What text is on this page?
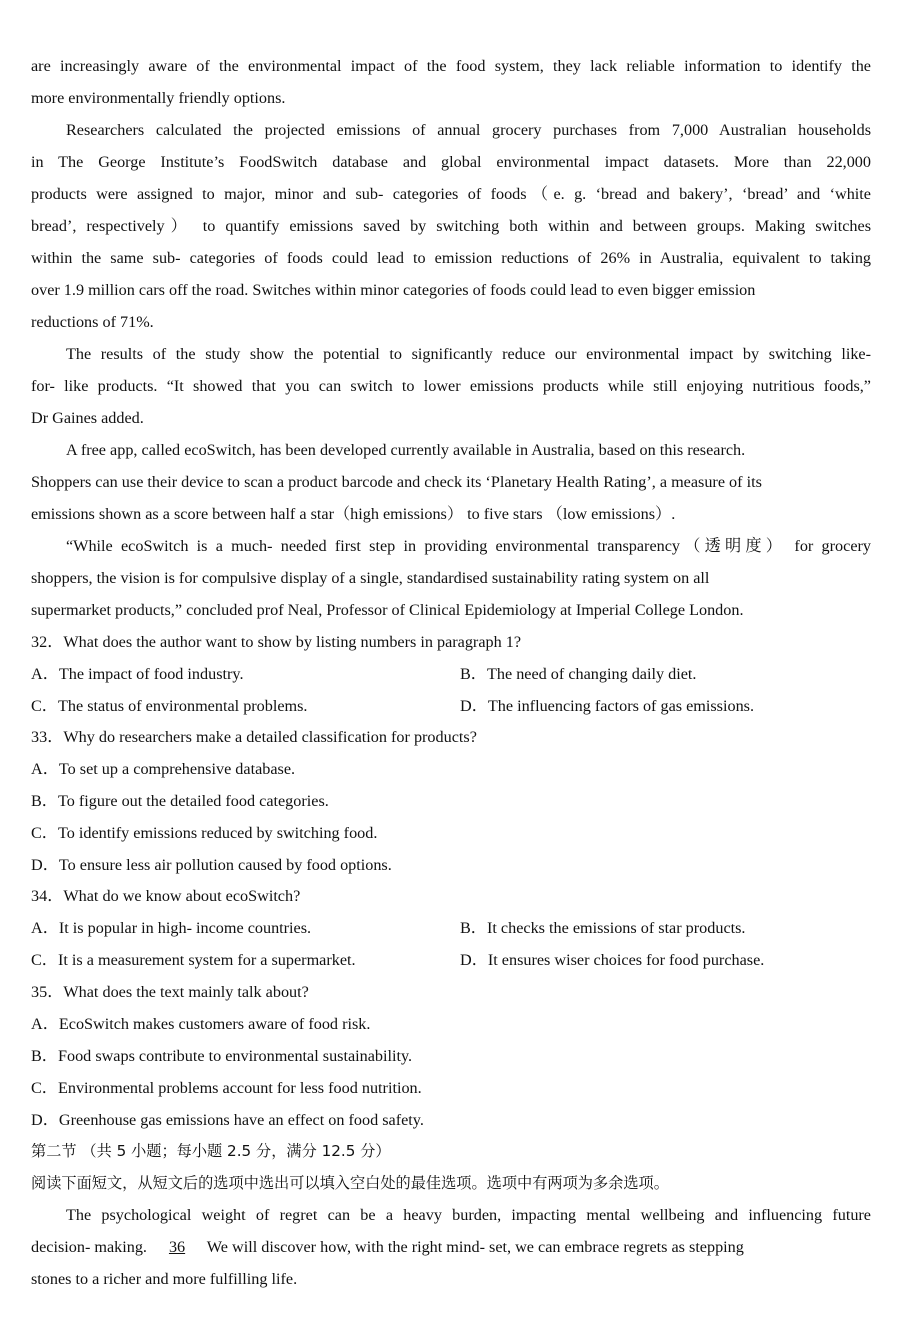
are increasingly aware of the environmental impact of the food system, they lack reliable information to identify the
more environmentally friendly options.
Researchers calculated the projected emissions of annual grocery purchases from 7,000 Australian households
in The George Institute’s FoodSwitch database and global environmental impact datasets. More than 22,000
products were assigned to major, minor and sub- categories of foods（e. g. ‘bread and bakery’, ‘bread’ and ‘white
bread’, respectively） to quantify emissions saved by switching both within and between groups. Making switches
within the same sub- categories of foods could lead to emission reductions of 26% in Australia, equivalent to taking
over 1.9 million cars off the road. Switches within minor categories of foods could lead to even bigger emission
reductions of 71%.
The results of the study show the potential to significantly reduce our environmental impact by switching like-
for- like products. “It showed that you can switch to lower emissions products while still enjoying nutritious foods,”
Dr Gaines added.
A free app, called ecoSwitch, has been developed currently available in Australia, based on this research.
Shoppers can use their device to scan a product barcode and check its ‘Planetary Health Rating’, a measure of its
emissions shown as a score between half a star（high emissions） to five stars （low emissions）.
“While ecoSwitch is a much- needed first step in providing environmental transparency（透明度） for grocery
shoppers, the vision is for compulsive display of a single, standardised sustainability rating system on all
supermarket products,” concluded prof Neal, Professor of Clinical Epidemiology at Imperial College London.
32．What does the author want to show by listing numbers in paragraph 1?
A．The impact of food industry.	B．The need of changing daily diet.
C．The status of environmental problems.	D．The influencing factors of gas emissions.
33．Why do researchers make a detailed classification for products?
A．To set up a comprehensive database.
B．To figure out the detailed food categories.
C．To identify emissions reduced by switching food.
D．To ensure less air pollution caused by food options.
34．What do we know about ecoSwitch?
A．It is popular in high- income countries.	B．It checks the emissions of star products.
C．It is a measurement system for a supermarket.	D．It ensures wiser choices for food purchase.
35．What does the text mainly talk about?
A．EcoSwitch makes customers aware of food risk.
B．Food swaps contribute to environmental sustainability.
C．Environmental problems account for less food nutrition.
D．Greenhouse gas emissions have an effect on food safety.
第二节 （共 5 小题；每小题 2.5 分，满分 12.5 分）
阅读下面短文，从短文后的选项中选出可以填入空白处的最佳选项。选项中有两项为多余选项。
The psychological weight of regret can be a heavy burden, impacting mental wellbeing and influencing future
decision- making. 36 We will discover how, with the right mind- set, we can embrace regrets as stepping
stones to a richer and more fulfilling life.
